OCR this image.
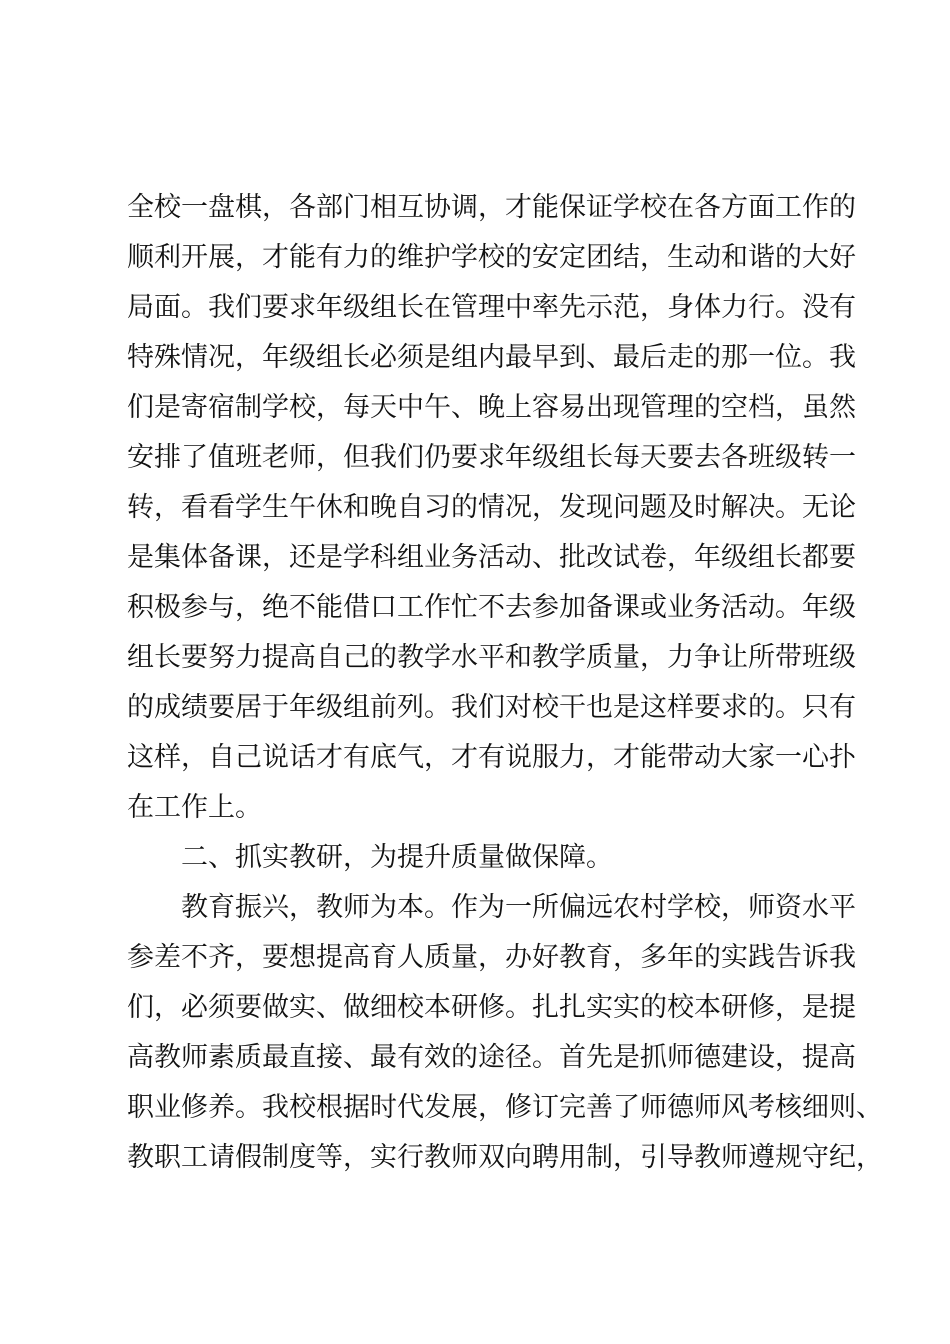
全校一盘棋，各部门相互协调，才能保证学校在各方面工作的
顺利开展，才能有力的维护学校的安定团结，生动和谐的大好
局面。我们要求年级组长在管理中率先示范，身体力行。没有
特殊情况，年级组长必须是组内最早到、最后走的那一位。我
们是寄宿制学校，每天中午、晚上容易出现管理的空档，虽然
安排了值班老师，但我们仍要求年级组长每天要去各班级转一
转，看看学生午休和晚自习的情况，发现问题及时解决。无论
是集体备课，还是学科组业务活动、批改试卷，年级组长都要
积极参与，绝不能借口工作忙不去参加备课或业务活动。年级
组长要努力提高自己的教学水平和教学质量，力争让所带班级
的成绩要居于年级组前列。我们对校干也是这样要求的。只有
这样，自己说话才有底气，才有说服力，才能带动大家一心扑
在工作上。
二、抓实教研，为提升质量做保障。
教育振兴，教师为本。作为一所偏远农村学校，师资水平
参差不齐，要想提高育人质量，办好教育，多年的实践告诉我
们，必须要做实、做细校本研修。扎扎实实的校本研修，是提
高教师素质最直接、最有效的途径。首先是抓师德建设，提高
职业修养。我校根据时代发展，修订完善了师德师风考核细则、
教职工请假制度等，实行教师双向聘用制，引导教师遵规守纪，
